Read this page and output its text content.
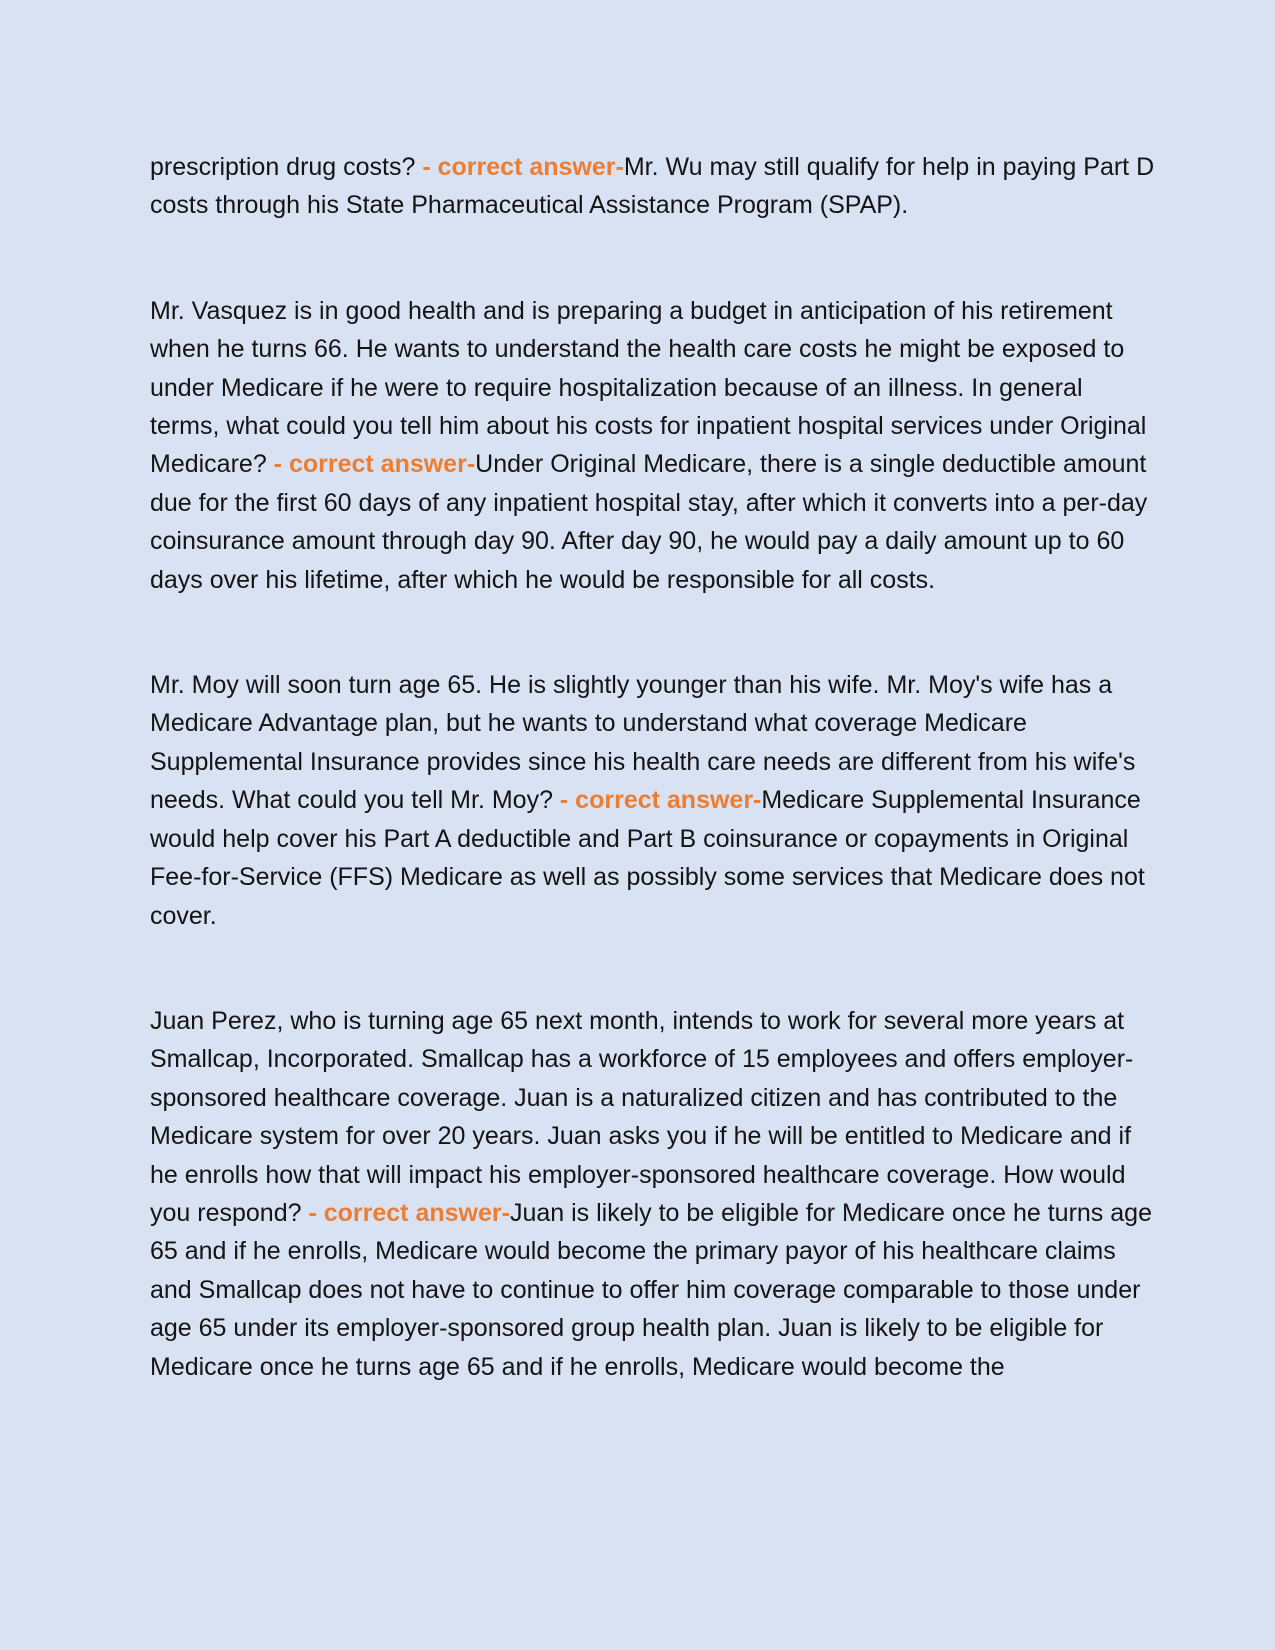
prescription drug costs? - correct answer-Mr. Wu may still qualify for help in paying Part D costs through his State Pharmaceutical Assistance Program (SPAP).

Mr. Vasquez is in good health and is preparing a budget in anticipation of his retirement when he turns 66. He wants to understand the health care costs he might be exposed to under Medicare if he were to require hospitalization because of an illness. In general terms, what could you tell him about his costs for inpatient hospital services under Original Medicare? - correct answer-Under Original Medicare, there is a single deductible amount due for the first 60 days of any inpatient hospital stay, after which it converts into a per-day coinsurance amount through day 90. After day 90, he would pay a daily amount up to 60 days over his lifetime, after which he would be responsible for all costs.

Mr. Moy will soon turn age 65. He is slightly younger than his wife. Mr. Moy's wife has a Medicare Advantage plan, but he wants to understand what coverage Medicare Supplemental Insurance provides since his health care needs are different from his wife's needs. What could you tell Mr. Moy? - correct answer-Medicare Supplemental Insurance would help cover his Part A deductible and Part B coinsurance or copayments in Original Fee-for-Service (FFS) Medicare as well as possibly some services that Medicare does not cover.

Juan Perez, who is turning age 65 next month, intends to work for several more years at Smallcap, Incorporated. Smallcap has a workforce of 15 employees and offers employer-sponsored healthcare coverage. Juan is a naturalized citizen and has contributed to the Medicare system for over 20 years. Juan asks you if he will be entitled to Medicare and if he enrolls how that will impact his employer-sponsored healthcare coverage. How would you respond? - correct answer-Juan is likely to be eligible for Medicare once he turns age 65 and if he enrolls, Medicare would become the primary payor of his healthcare claims and Smallcap does not have to continue to offer him coverage comparable to those under age 65 under its employer-sponsored group health plan. Juan is likely to be eligible for Medicare once he turns age 65 and if he enrolls, Medicare would become the
